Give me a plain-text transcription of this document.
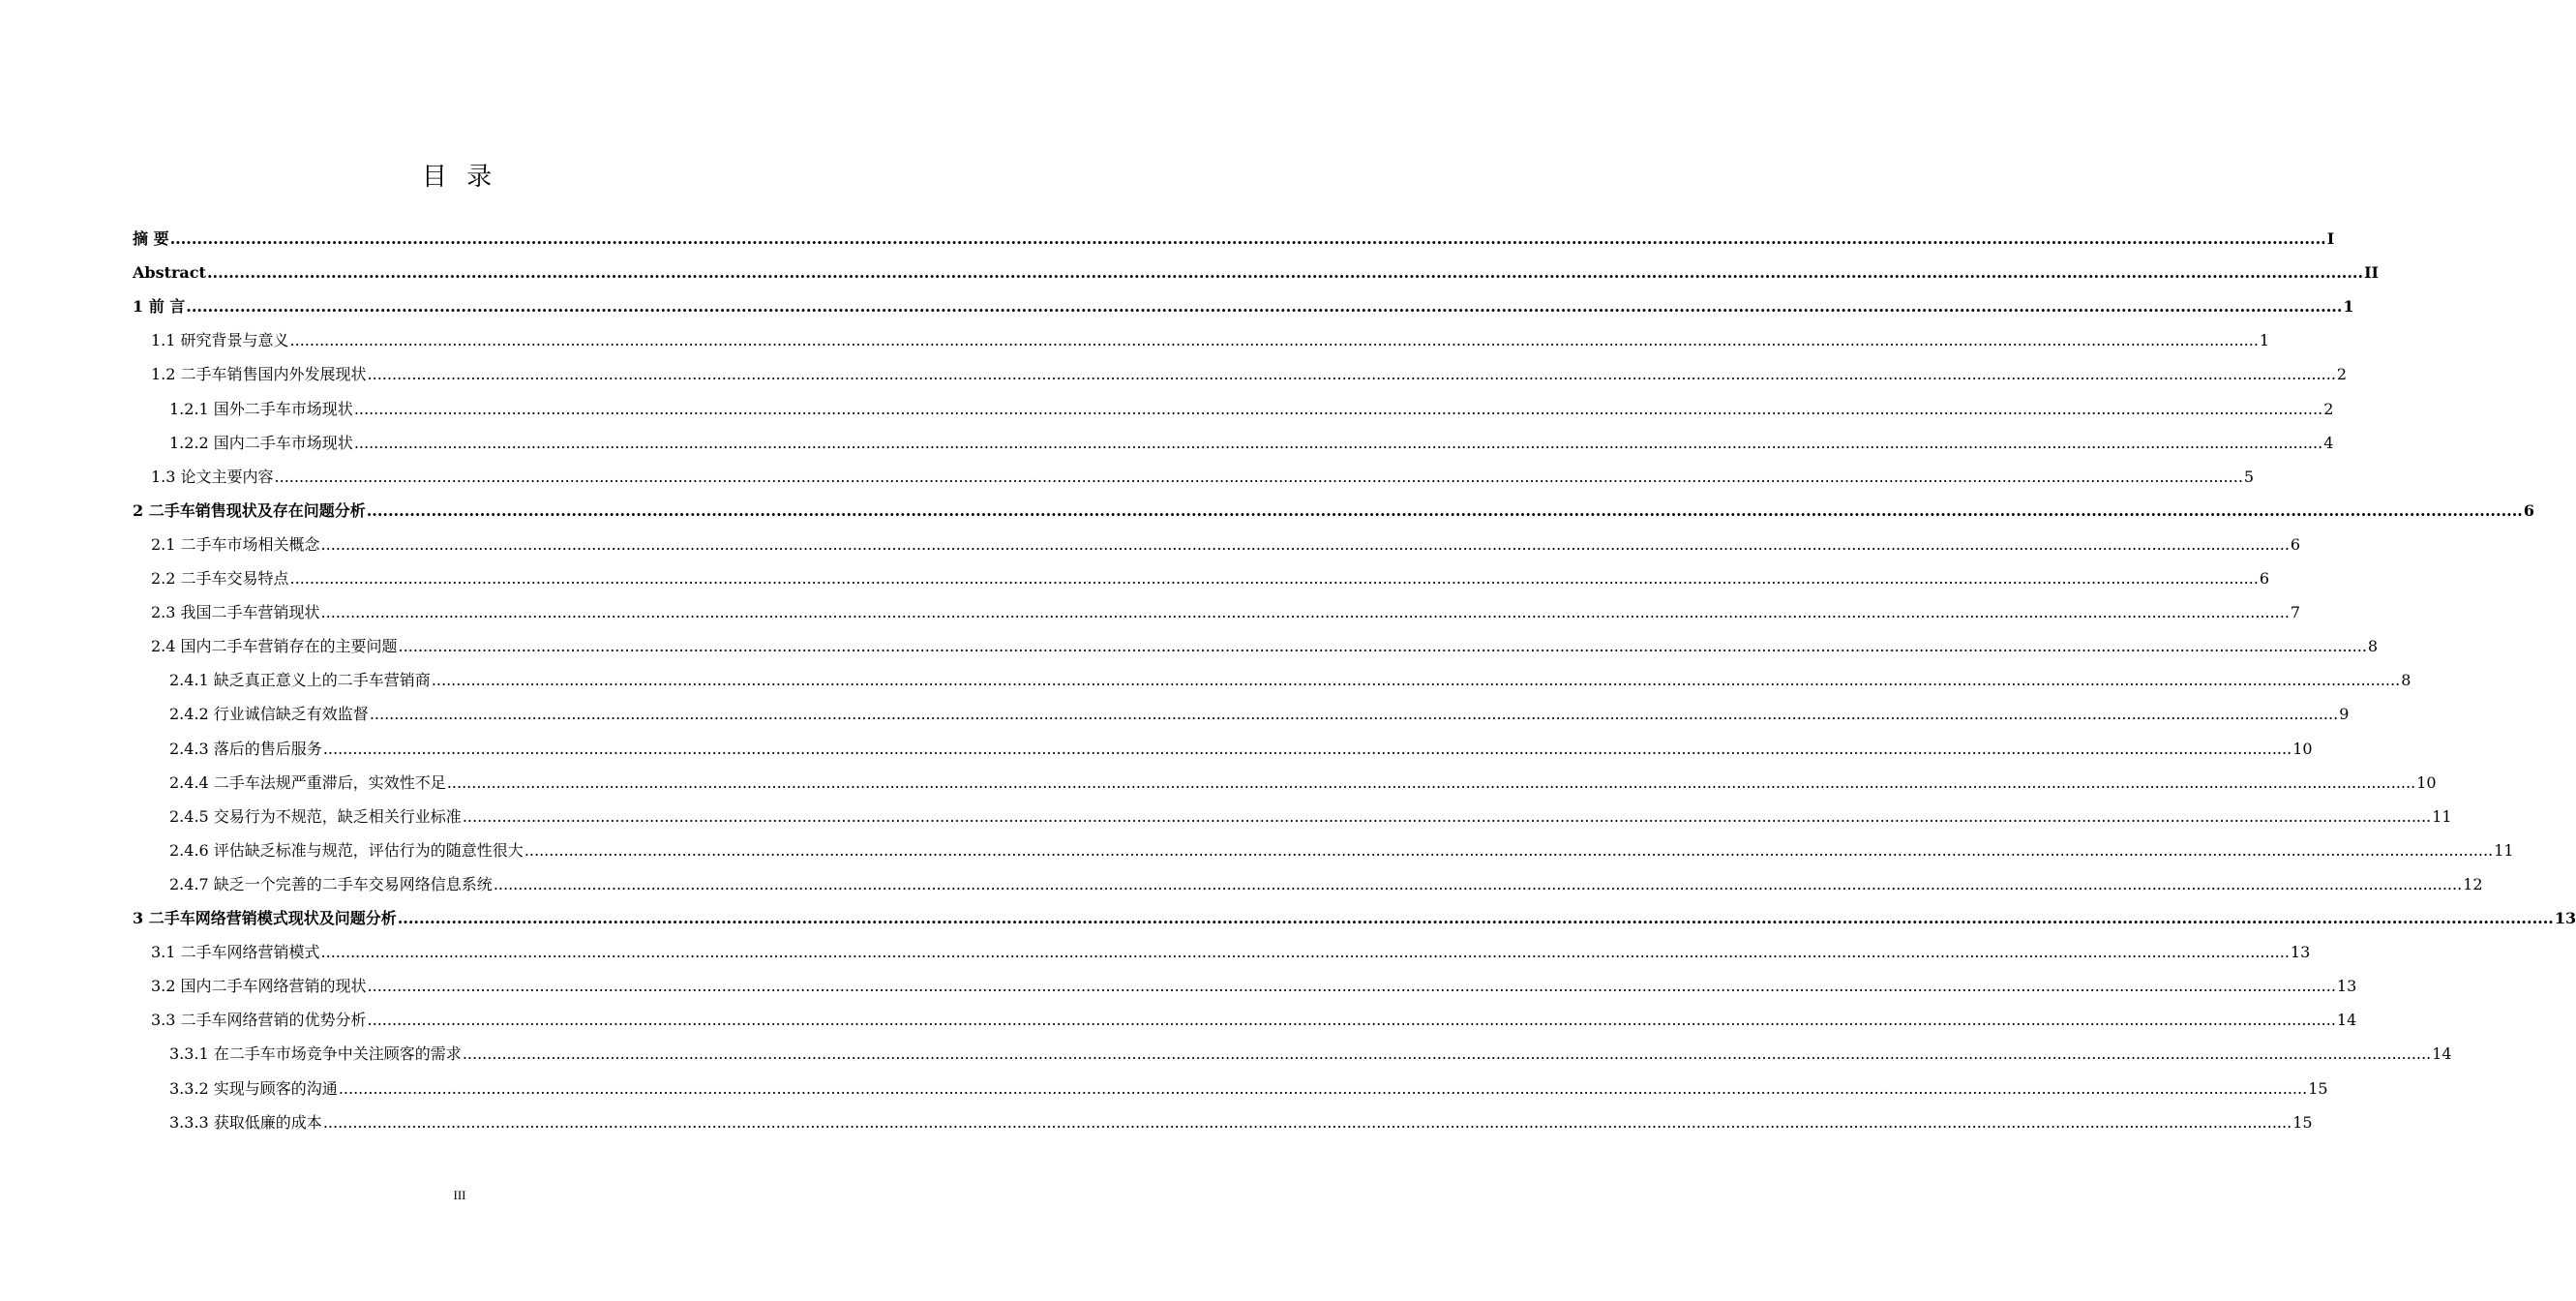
目 录
摘 要 ................................................................................................................................................................................................................................................................................................................................................................................................................ I
Abstract ................................................................................................................................................................................................................................................................................................................................................................................................................ II
1 前 言 ................................................................................................................................................................................................................................................................................................................................................................................................................ 1
1.1 研究背景与意义 ................................................................................................................................................................................................................................................................................................................................................................................................................ 1
1.2 二手车销售国内外发展现状 ................................................................................................................................................................................................................................................................................................................................................................................................................ 2
1.2.1 国外二手车市场现状 ................................................................................................................................................................................................................................................................................................................................................................................................................ 2
1.2.2 国内二手车市场现状 ................................................................................................................................................................................................................................................................................................................................................................................................................ 4
1.3 论文主要内容 ................................................................................................................................................................................................................................................................................................................................................................................................................ 5
2 二手车销售现状及存在问题分析 ................................................................................................................................................................................................................................................................................................................................................................................................................ 6
2.1 二手车市场相关概念 ................................................................................................................................................................................................................................................................................................................................................................................................................ 6
2.2 二手车交易特点 ................................................................................................................................................................................................................................................................................................................................................................................................................ 6
2.3 我国二手车营销现状 ................................................................................................................................................................................................................................................................................................................................................................................................................ 7
2.4 国内二手车营销存在的主要问题 ................................................................................................................................................................................................................................................................................................................................................................................................................ 8
2.4.1 缺乏真正意义上的二手车营销商 ................................................................................................................................................................................................................................................................................................................................................................................................................ 8
2.4.2 行业诚信缺乏有效监督 ................................................................................................................................................................................................................................................................................................................................................................................................................ 9
2.4.3 落后的售后服务 ................................................................................................................................................................................................................................................................................................................................................................................................................ 10
2.4.4 二手车法规严重滞后，实效性不足 ................................................................................................................................................................................................................................................................................................................................................................................................................ 10
2.4.5 交易行为不规范，缺乏相关行业标准 ................................................................................................................................................................................................................................................................................................................................................................................................................ 11
2.4.6 评估缺乏标准与规范，评估行为的随意性很大 ................................................................................................................................................................................................................................................................................................................................................................................................................ 11
2.4.7 缺乏一个完善的二手车交易网络信息系统 ................................................................................................................................................................................................................................................................................................................................................................................................................ 12
3 二手车网络营销模式现状及问题分析 ................................................................................................................................................................................................................................................................................................................................................................................................................ 13
3.1 二手车网络营销模式 ................................................................................................................................................................................................................................................................................................................................................................................................................ 13
3.2 国内二手车网络营销的现状 ................................................................................................................................................................................................................................................................................................................................................................................................................ 13
3.3 二手车网络营销的优势分析 ................................................................................................................................................................................................................................................................................................................................................................................................................ 14
3.3.1 在二手车市场竞争中关注顾客的需求 ................................................................................................................................................................................................................................................................................................................................................................................................................ 14
3.3.2 实现与顾客的沟通 ................................................................................................................................................................................................................................................................................................................................................................................................................ 15
3.3.3 获取低廉的成本 ................................................................................................................................................................................................................................................................................................................................................................................................................ 15
III
